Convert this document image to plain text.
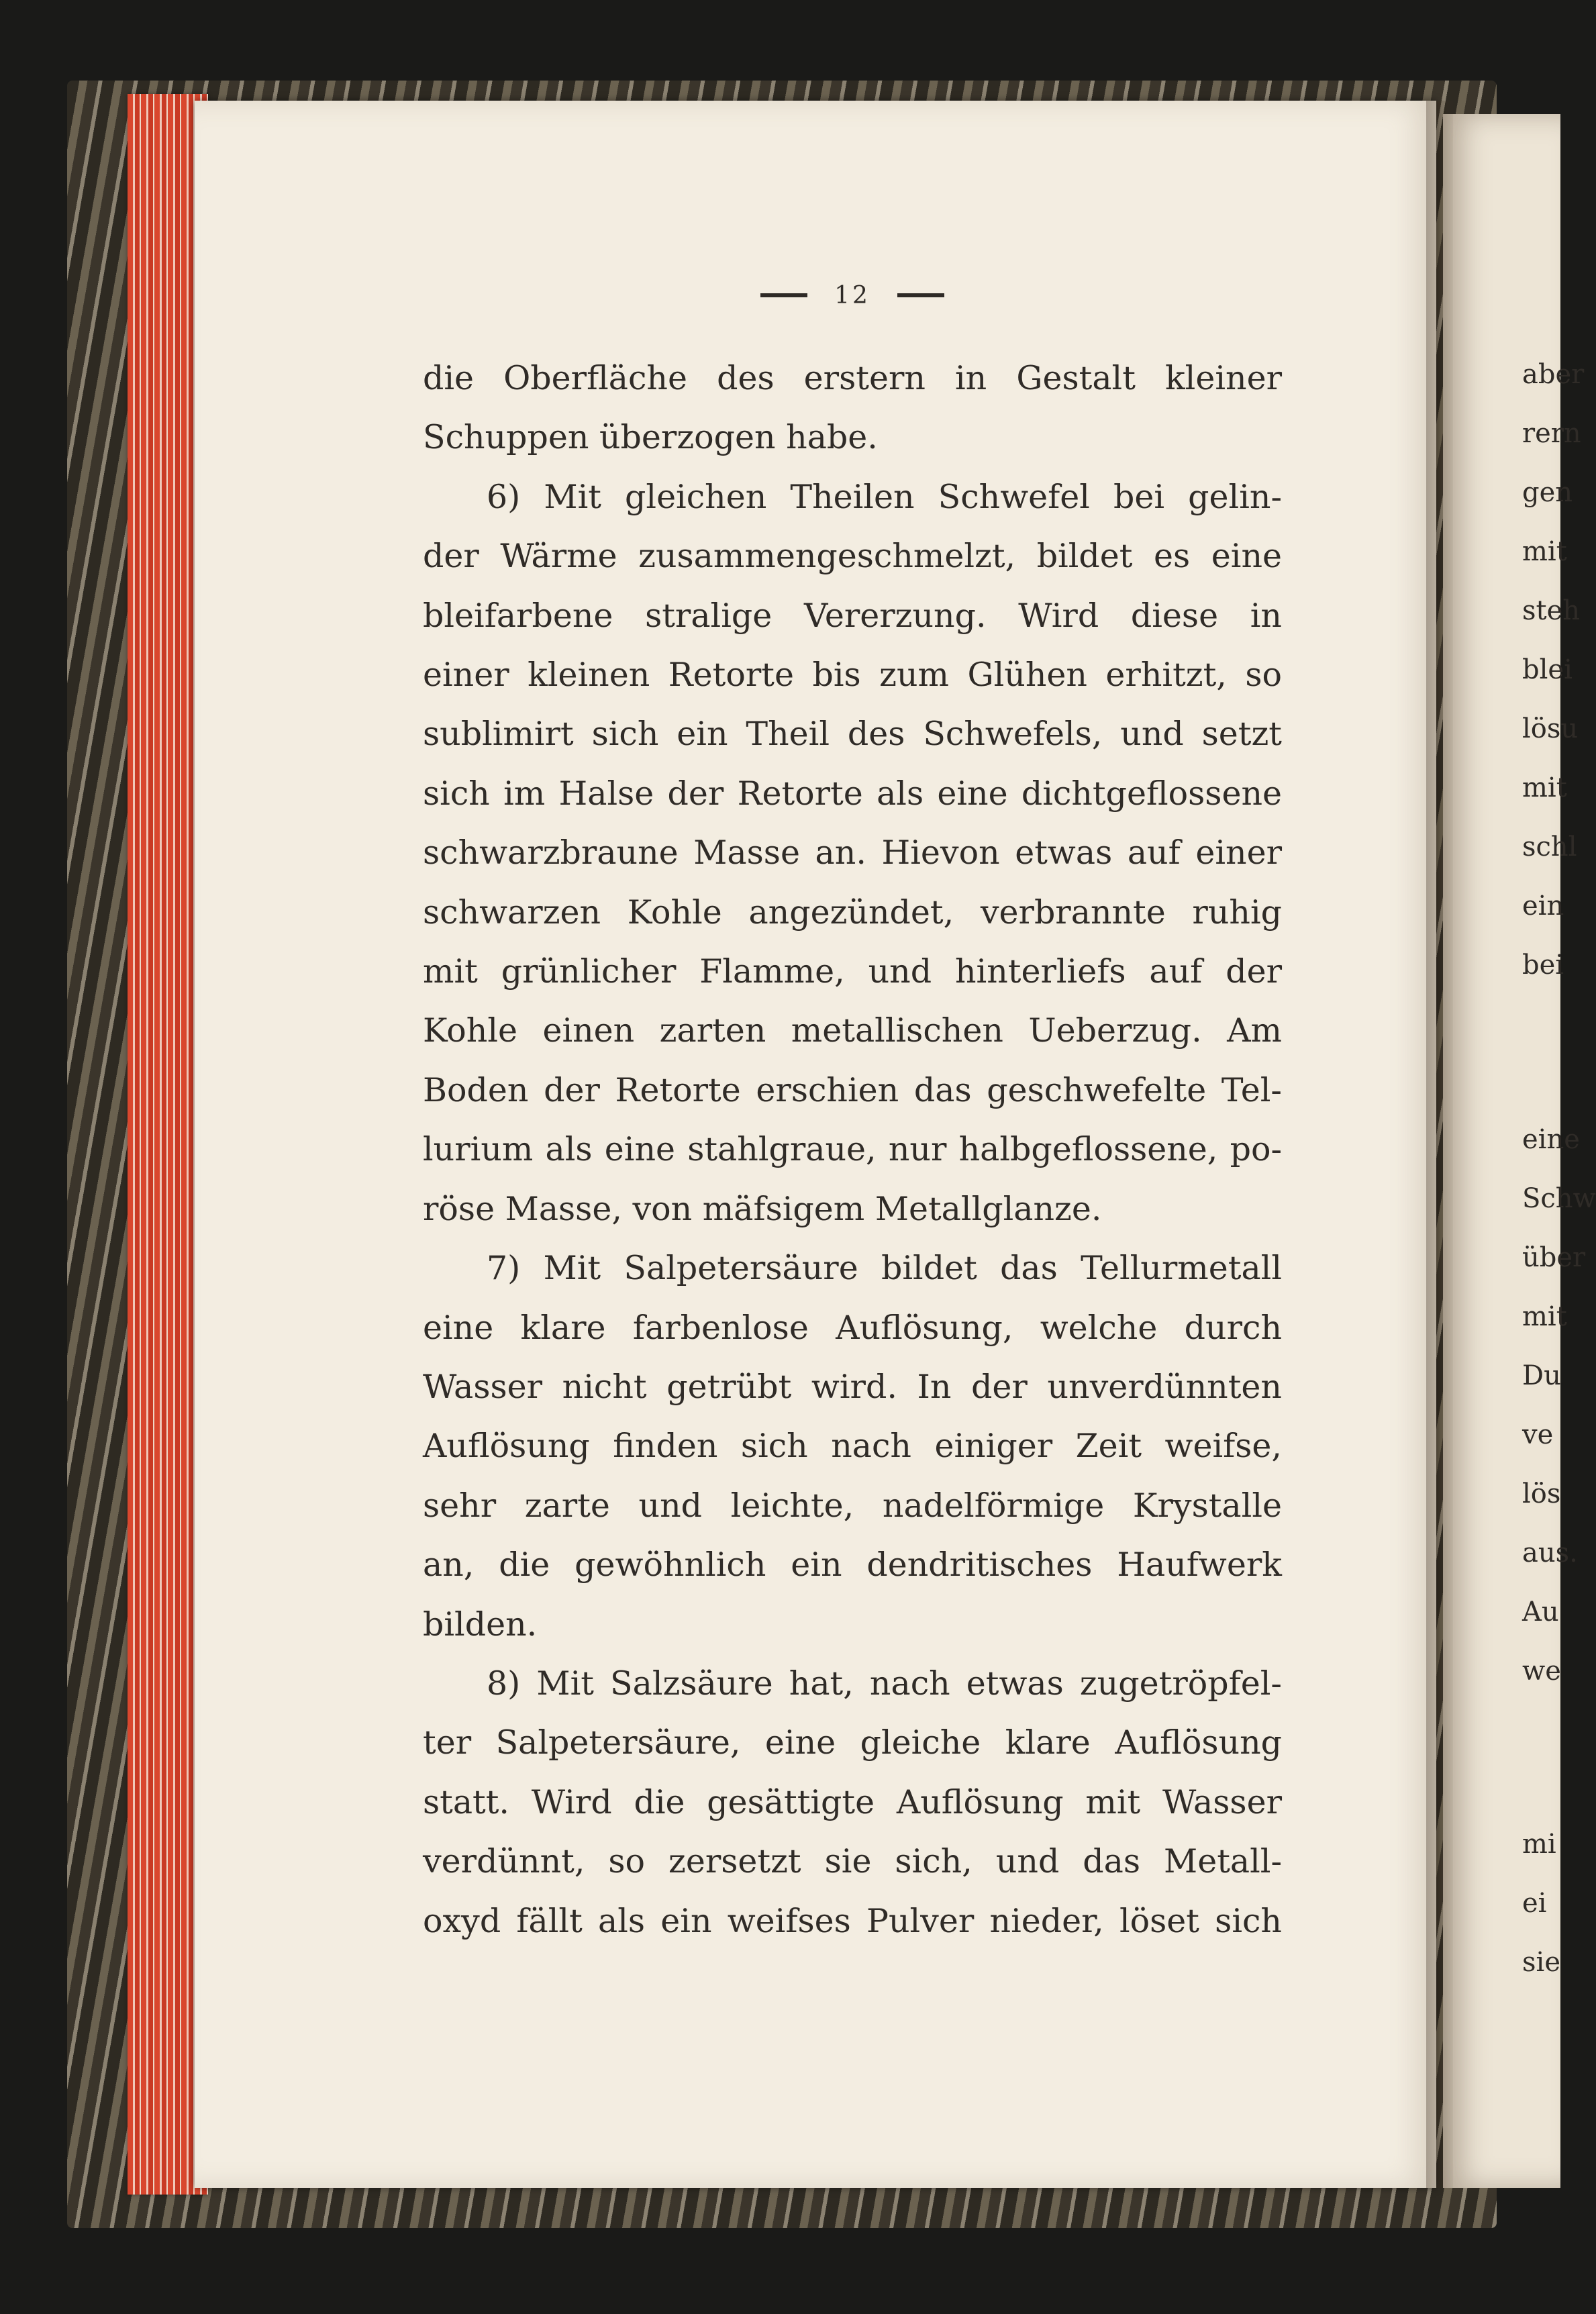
12
die Oberfläche des erstern in Gestalt kleiner
Schuppen überzogen habe.
6) Mit gleichen Theilen Schwefel bei gelin-
der Wärme zusammengeschmelzt, bildet es eine
bleifarbene stralige Vererzung. Wird diese in
einer kleinen Retorte bis zum Glühen erhitzt, so
sublimirt sich ein Theil des Schwefels, und setzt
sich im Halse der Retorte als eine dichtgeflossene
schwarzbraune Masse an. Hievon etwas auf einer
schwarzen Kohle angezündet, verbrannte ruhig
mit grünlicher Flamme, und hinterliefs auf der
Kohle einen zarten metallischen Ueberzug. Am
Boden der Retorte erschien das geschwefelte Tel-
lurium als eine stahlgraue, nur halbgeflossene, po-
röse Masse, von mäfsigem Metallglanze.
7) Mit Salpetersäure bildet das Tellurmetall
eine klare farbenlose Auflösung, welche durch
Wasser nicht getrübt wird. In der unverdünnten
Auflösung finden sich nach einiger Zeit weifse,
sehr zarte und leichte, nadelförmige Krystalle
an, die gewöhnlich ein dendritisches Haufwerk
bilden.
8) Mit Salzsäure hat, nach etwas zugetröpfel-
ter Salpetersäure, eine gleiche klare Auflösung
statt. Wird die gesättigte Auflösung mit Wasser
verdünnt, so zersetzt sie sich, und das Metall-
oxyd fällt als ein weifses Pulver nieder, löset sich
aber
rern
gen
mit
steh
blei
lösu
mit
schl
ein
bei
eine
Schw
über
mit
Du
ve
lös
aus.
Au
we
mi
ei
sie
